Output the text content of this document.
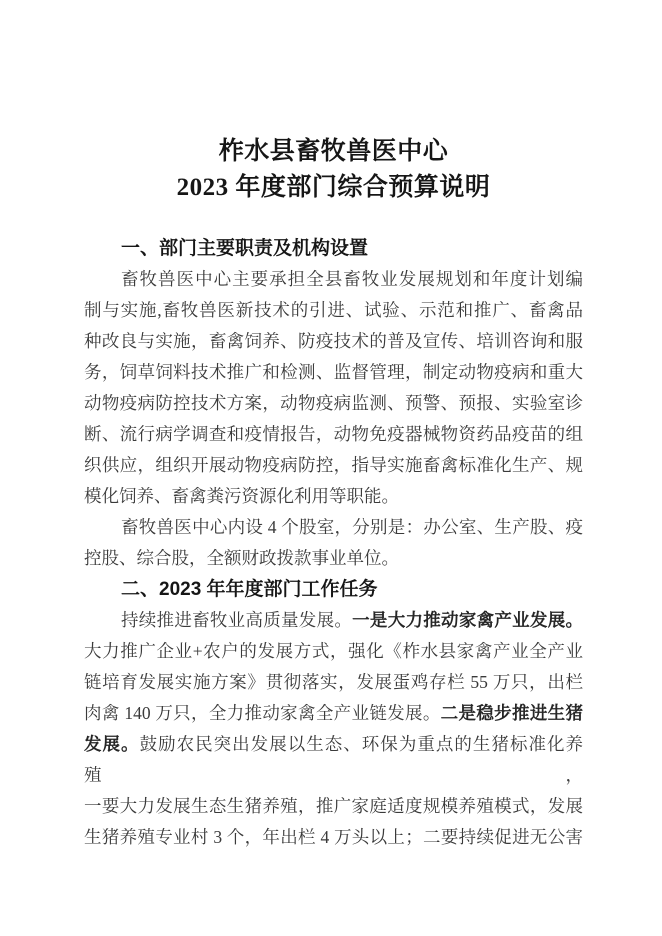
柞水县畜牧兽医中心
2023 年度部门综合预算说明
一、部门主要职责及机构设置
畜牧兽医中心主要承担全县畜牧业发展规划和年度计划编
制与实施,畜牧兽医新技术的引进、试验、示范和推广、畜禽品
种改良与实施，畜禽饲养、防疫技术的普及宣传、培训咨询和服
务，饲草饲料技术推广和检测、监督管理，制定动物疫病和重大
动物疫病防控技术方案，动物疫病监测、预警、预报、实验室诊
断、流行病学调查和疫情报告，动物免疫器械物资药品疫苗的组
织供应，组织开展动物疫病防控，指导实施畜禽标准化生产、规
模化饲养、畜禽粪污资源化利用等职能。
畜牧兽医中心内设 4 个股室，分别是：办公室、生产股、疫
控股、综合股，全额财政拨款事业单位。
二、2023 年年度部门工作任务
持续推进畜牧业高质量发展。一是大力推动家禽产业发展。
大力推广企业+农户的发展方式，强化《柞水县家禽产业全产业
链培育发展实施方案》贯彻落实，发展蛋鸡存栏 55 万只，出栏
肉禽 140 万只，全力推动家禽全产业链发展。二是稳步推进生猪
发展。鼓励农民突出发展以生态、环保为重点的生猪标准化养殖，
一要大力发展生态生猪养殖，推广家庭适度规模养殖模式，发展
生猪养殖专业村 3 个，年出栏 4 万头以上；二要持续促进无公害
